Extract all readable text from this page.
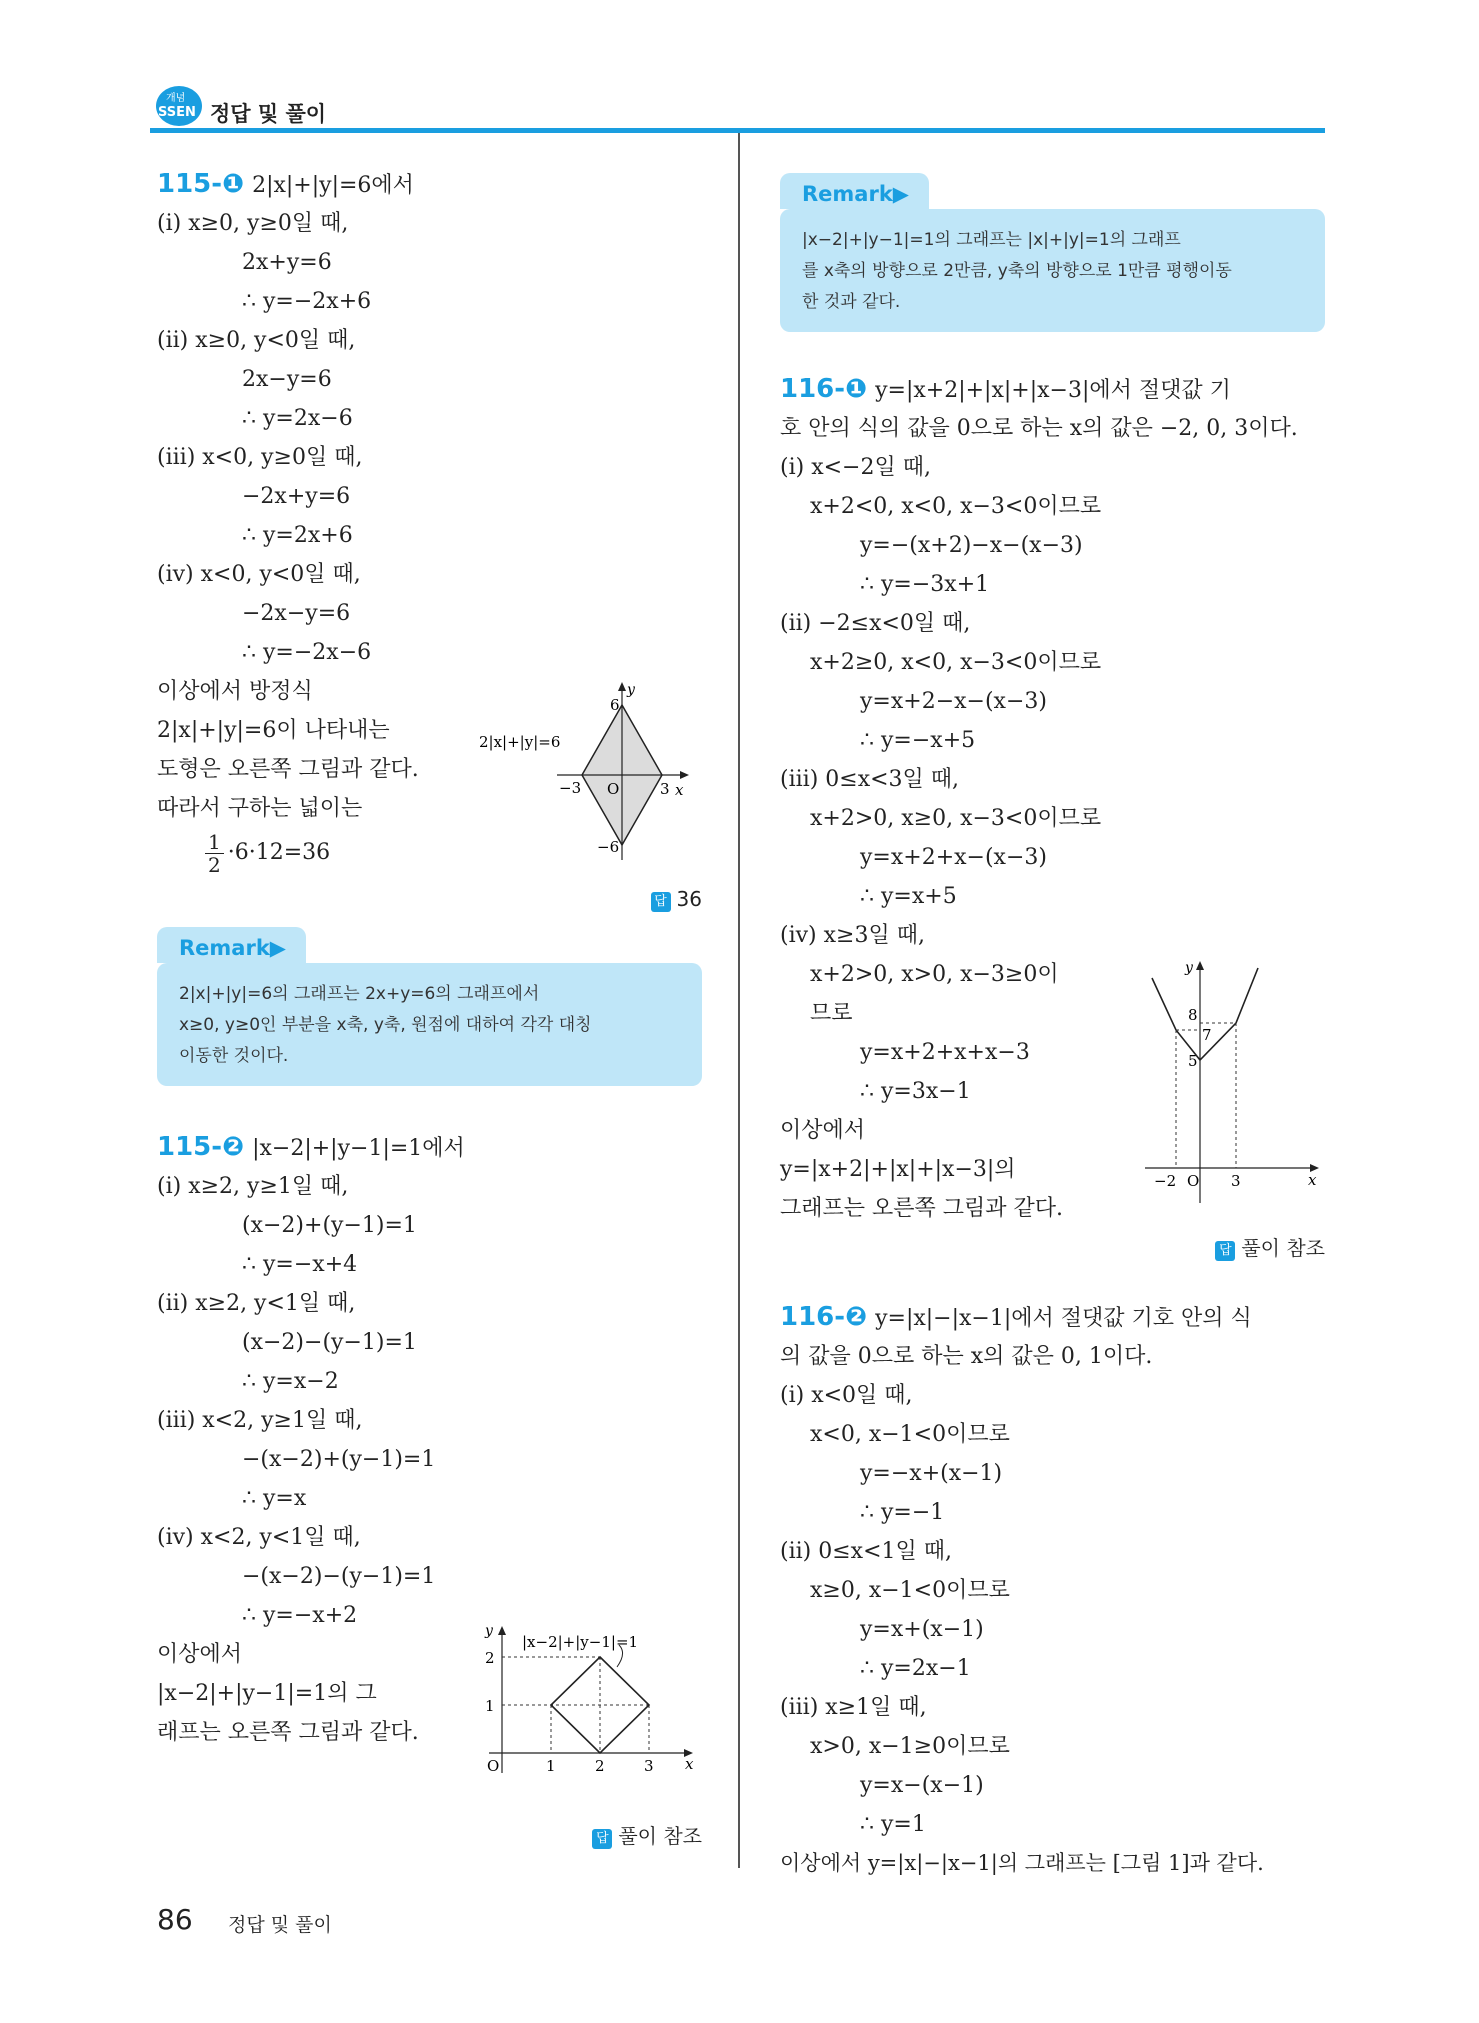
개념
SSEN 정답 및 풀이
115-❶ 2|x|+|y|=6에서
(ⅰ) x≥0, y≥0일 때,
2x+y=6
∴ y=−2x+6
(ⅱ) x≥0, y<0일 때,
2x−y=6
∴ y=2x−6
(ⅲ) x<0, y≥0일 때,
−2x+y=6
∴ y=2x+6
(ⅳ) x<0, y<0일 때,
−2x−y=6
∴ y=−2x−6
이상에서 방정식
2|x|+|y|=6이 나타내는
도형은 오른쪽 그림과 같다.
따라서 구하는 넓이는
$\frac{1}{2} \cdot 6\cdot 12=36$
답 36
y
x
6
−6
−3 O	3
2|x|+|y|=6
Remark▶
2|x|+|y|=6의 그래프는 2x+y=6의 그래프에서
x≥0, y≥0인 부분을 x축, y축, 원점에 대하여 각각 대칭
이동한 것이다.
115-❷ |x−2|+|y−1|=1에서
(ⅰ) x≥2, y≥1일 때,
(x−2)+(y−1)=1
∴ y=−x+4
(ⅱ) x≥2, y<1일 때,
(x−2)−(y−1)=1
∴ y=x−2
(ⅲ) x<2, y≥1일 때,
−(x−2)+(y−1)=1
∴ y=x
(ⅳ) x<2, y<1일 때,
−(x−2)−(y−1)=1
∴ y=−x+2
이상에서
|x−2|+|y−1|=1의 그
래프는 오른쪽 그림과 같다.
답 풀이 참조
y
x
O	1	2	3
1
2
|x−2|+|y−1|=1
Remark▶
|x−2|+|y−1|=1의 그래프는 |x|+|y|=1의 그래프
를 x축의 방향으로 2만큼, y축의 방향으로 1만큼 평행이동
한 것과 같다.
116-❶ y=|x+2|+|x|+|x−3|에서 절댓값 기
호 안의 식의 값을 0으로 하는 x의 값은 −2, 0, 3이다.
(ⅰ) x<−2일 때,
x+2<0, x<0, x−3<0이므로
y=−(x+2)−x−(x−3)
∴ y=−3x+1
(ⅱ) −2≤x<0일 때,
x+2≥0, x<0, x−3<0이므로
y=x+2−x−(x−3)
∴ y=−x+5
(ⅲ) 0≤x<3일 때,
x+2>0, x≥0, x−3<0이므로
y=x+2+x−(x−3)
∴ y=x+5
(ⅳ) x≥3일 때,
x+2>0, x>0, x−3≥0이
므로
y=x+2+x+x−3
∴ y=3x−1
이상에서
y=|x+2|+|x|+|x−3|의
그래프는 오른쪽 그림과 같다.
답 풀이 참조
y
x
−2 O 3
5
7
8
116-❷ y=|x|−|x−1|에서 절댓값 기호 안의 식
의 값을 0으로 하는 x의 값은 0, 1이다.
(ⅰ) x<0일 때,
x<0, x−1<0이므로
y=−x+(x−1)
∴ y=−1
(ⅱ) 0≤x<1일 때,
x≥0, x−1<0이므로
y=x+(x−1)
∴ y=2x−1
(ⅲ) x≥1일 때,
x>0, x−1≥0이므로
y=x−(x−1)
∴ y=1
이상에서 y=|x|−|x−1|의 그래프는 [그림 1]과 같다.
86 정답 및 풀이
